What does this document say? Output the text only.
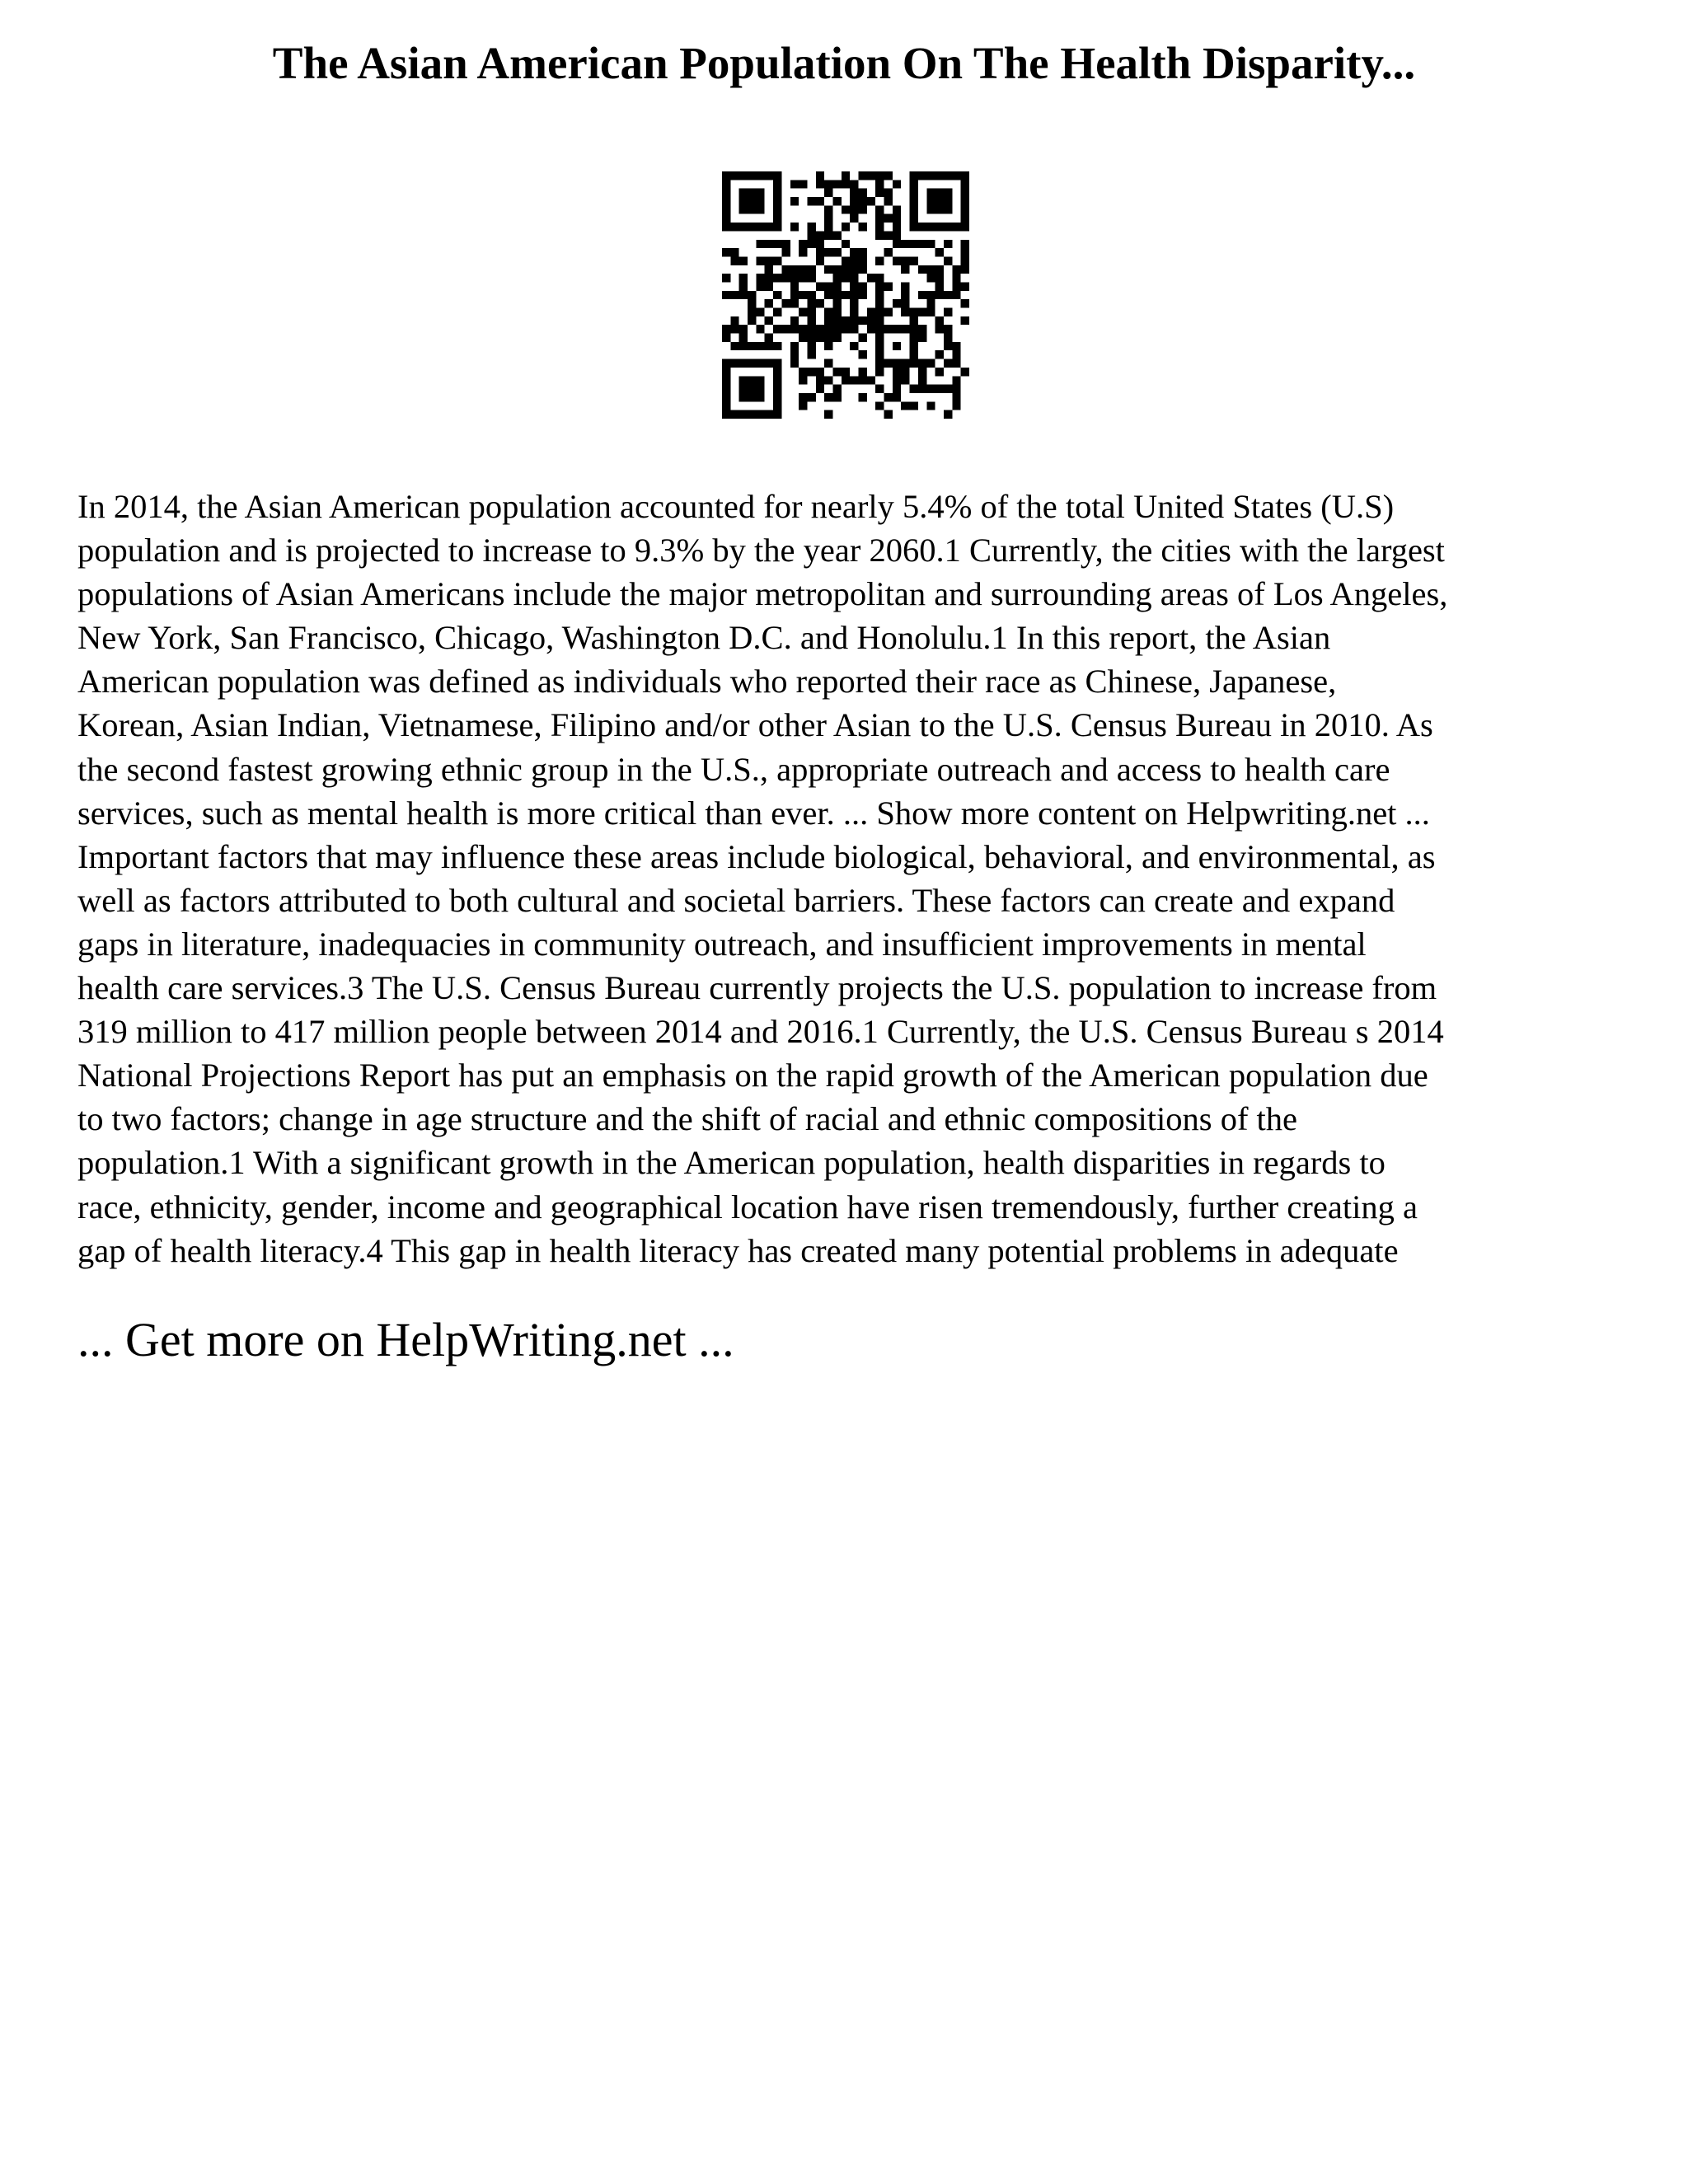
The Asian American Population On The Health Disparity...
In 2014, the Asian American population accounted for nearly 5.4% of the total United States (U.S)
population and is projected to increase to 9.3% by the year 2060.1 Currently, the cities with the largest
populations of Asian Americans include the major metropolitan and surrounding areas of Los Angeles,
New York, San Francisco, Chicago, Washington D.C. and Honolulu.1 In this report, the Asian
American population was defined as individuals who reported their race as Chinese, Japanese,
Korean, Asian Indian, Vietnamese, Filipino and/or other Asian to the U.S. Census Bureau in 2010. As
the second fastest growing ethnic group in the U.S., appropriate outreach and access to health care
services, such as mental health is more critical than ever. ... Show more content on Helpwriting.net ...
Important factors that may influence these areas include biological, behavioral, and environmental, as
well as factors attributed to both cultural and societal barriers. These factors can create and expand
gaps in literature, inadequacies in community outreach, and insufficient improvements in mental
health care services.3 The U.S. Census Bureau currently projects the U.S. population to increase from
319 million to 417 million people between 2014 and 2016.1 Currently, the U.S. Census Bureau s 2014
National Projections Report has put an emphasis on the rapid growth of the American population due
to two factors; change in age structure and the shift of racial and ethnic compositions of the
population.1 With a significant growth in the American population, health disparities in regards to
race, ethnicity, gender, income and geographical location have risen tremendously, further creating a
gap of health literacy.4 This gap in health literacy has created many potential problems in adequate
... Get more on HelpWriting.net ...
